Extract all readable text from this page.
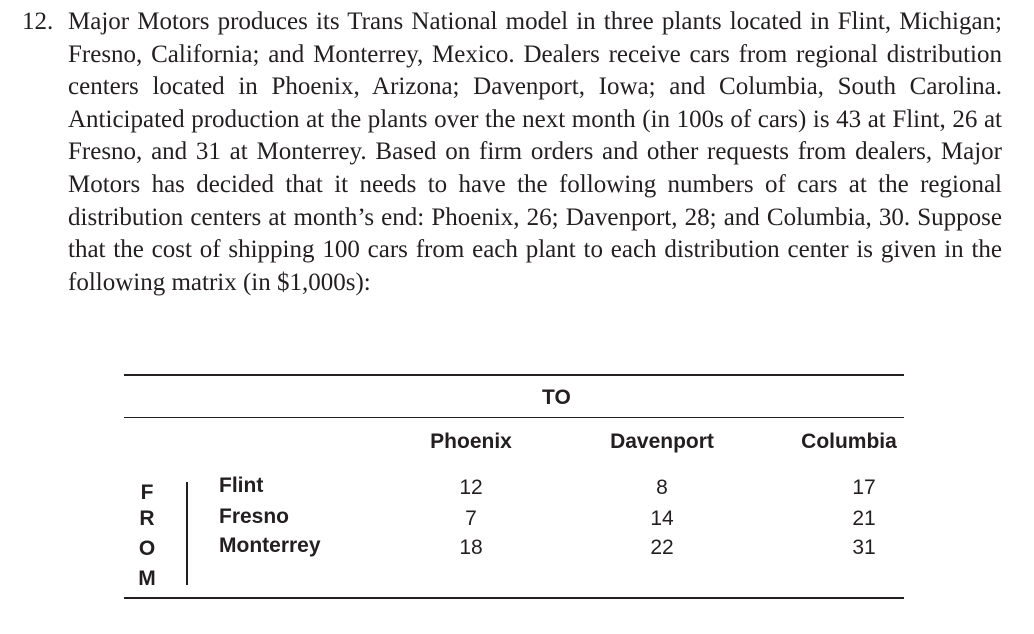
12. Major Motors produces its Trans National model in three plants located in Flint, Michigan; Fresno, California; and Monterrey, Mexico. Dealers receive cars from regional distribution centers located in Phoenix, Arizona; Davenport, Iowa; and Columbia, South Carolina. Anticipated production at the plants over the next month (in 100s of cars) is 43 at Flint, 26 at Fresno, and 31 at Monterrey. Based on firm orders and other requests from dealers, Major Motors has decided that it needs to have the following numbers of cars at the regional distribution centers at month’s end: Phoenix, 26; Davenport, 28; and Columbia, 30. Suppose that the cost of shipping 100 cars from each plant to each distribution center is given in the following matrix (in $1,000s):
TO
Phoenix	Davenport	Columbia
F
R
O
M
Flint	12	8	17
Fresno	7	14	21
Monterrey	18	22	31
